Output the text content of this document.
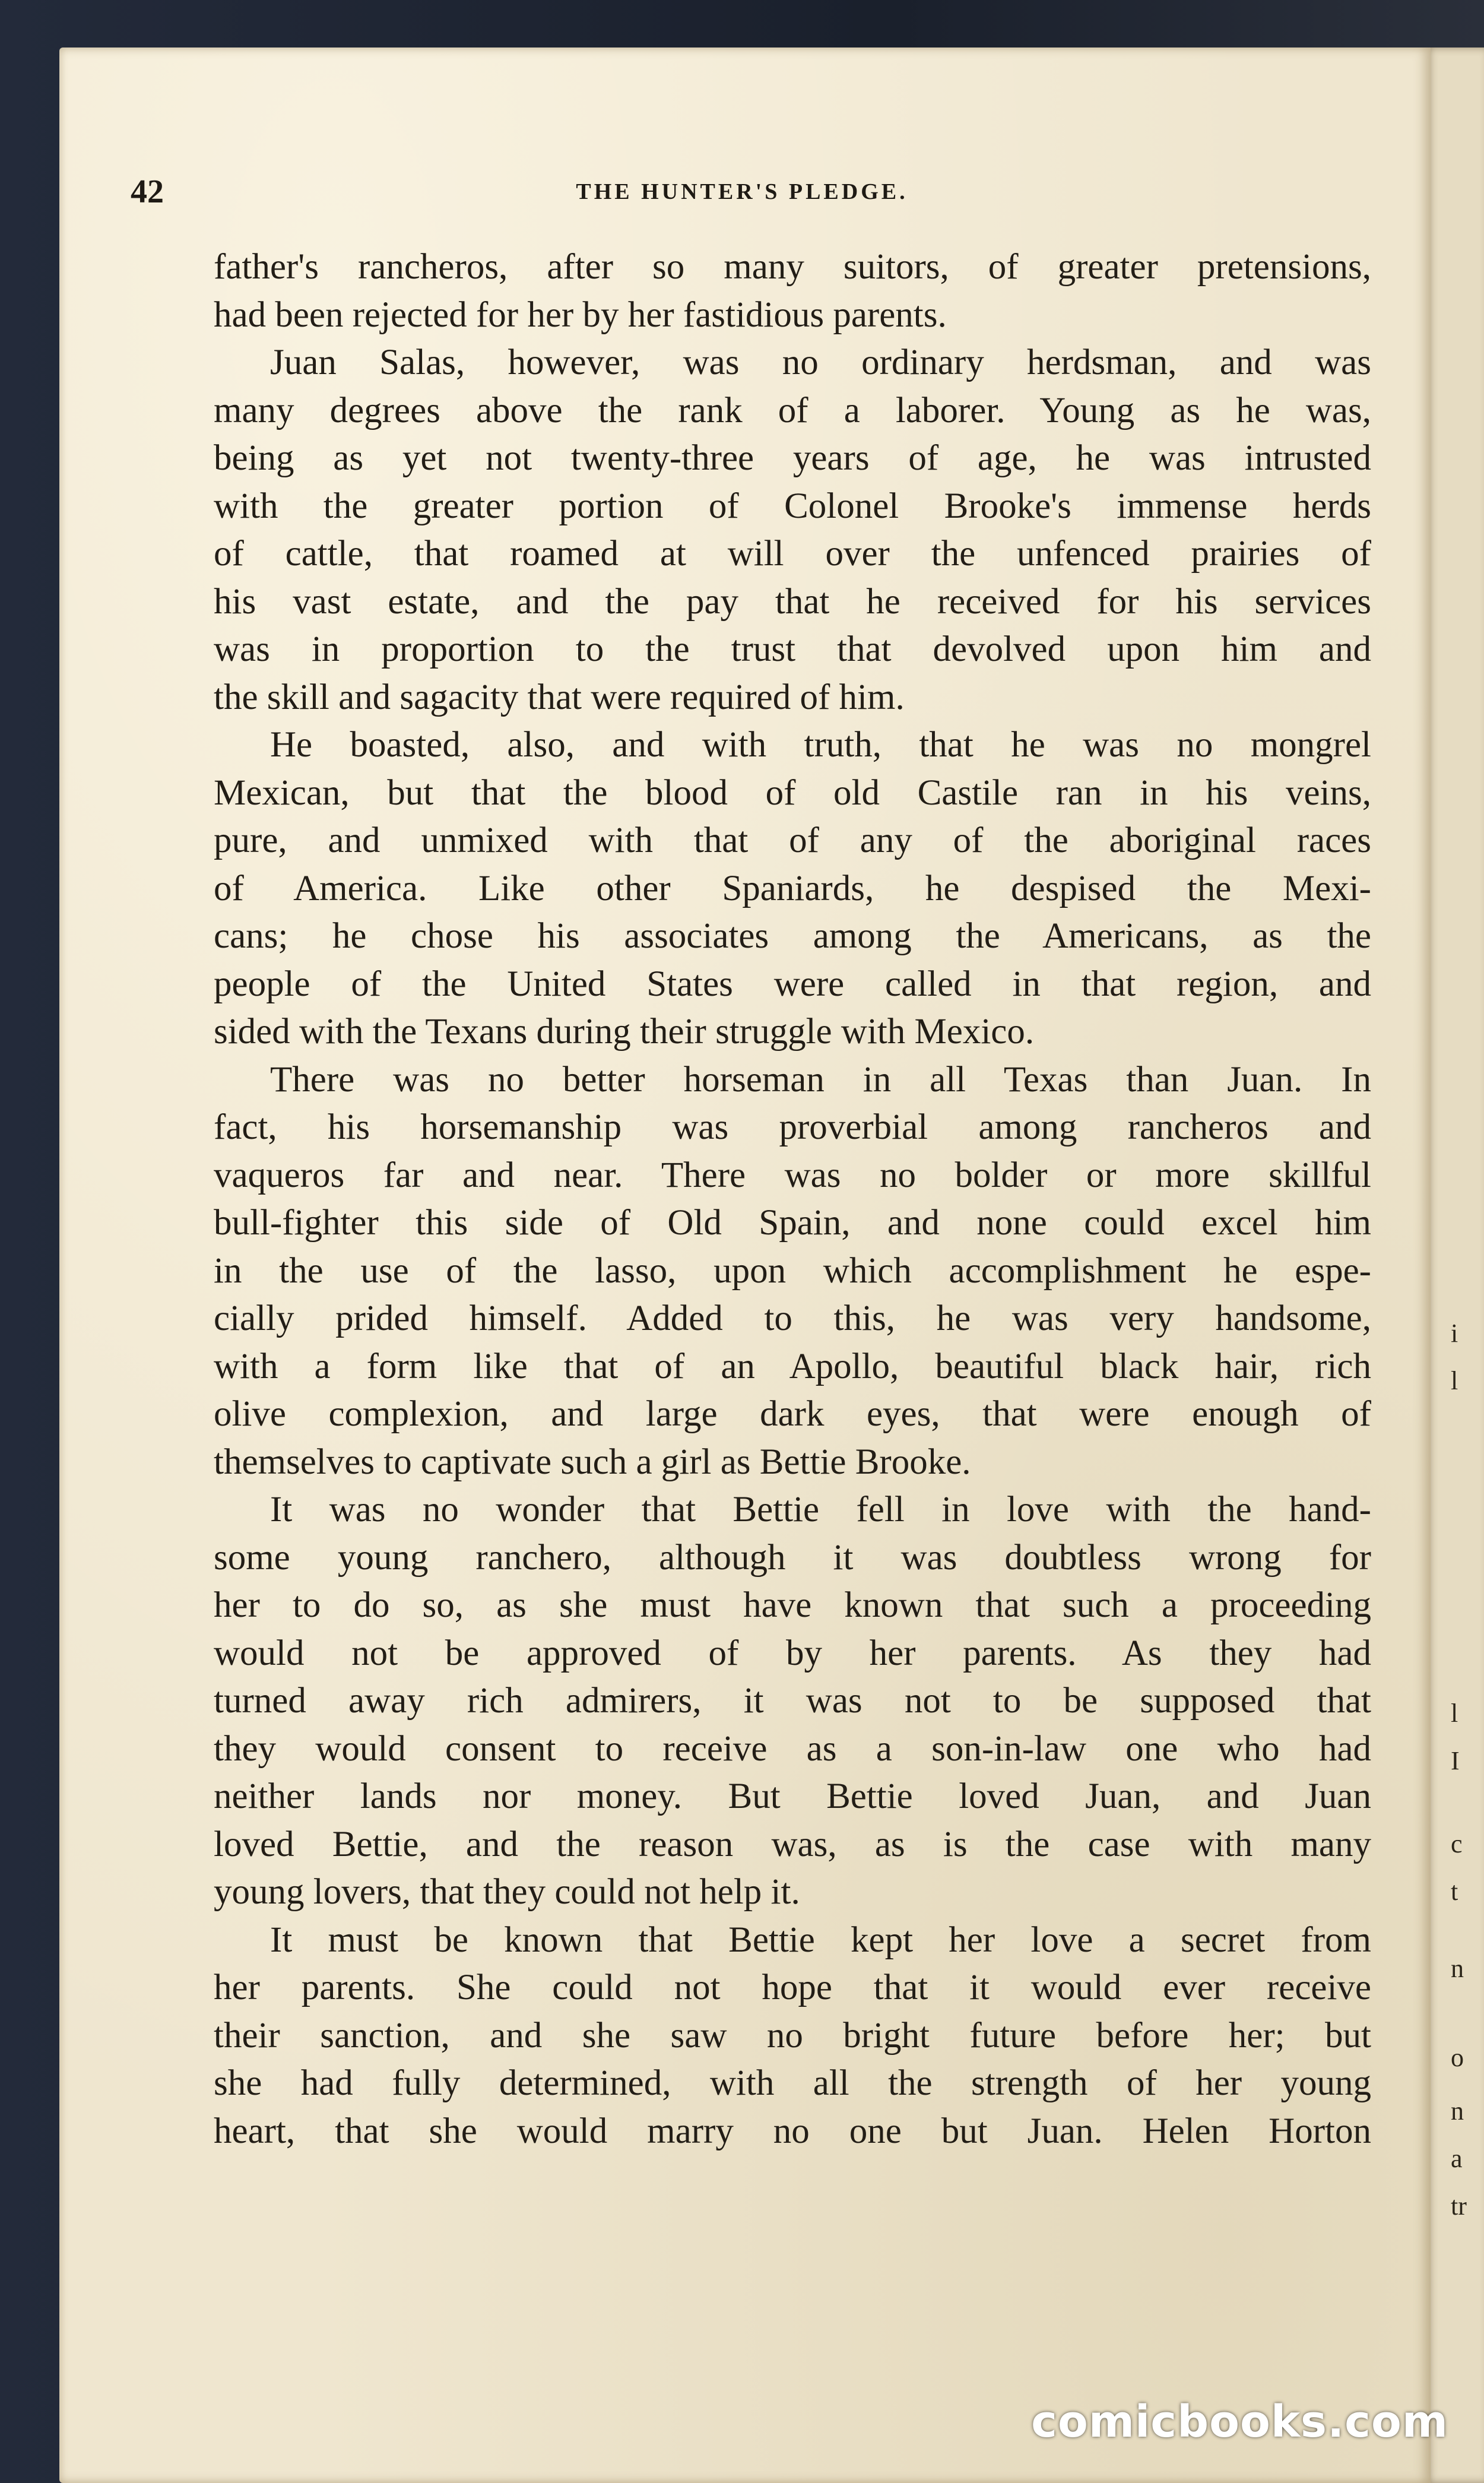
i
l
l
I
c
t
n
o
n
a
tr
42	THE HUNTER'S PLEDGE.
father's rancheros, after so many suitors, of greater pretensions,
had been rejected for her by her fastidious parents.
Juan Salas, however, was no ordinary herdsman, and was
many degrees above the rank of a laborer. Young as he was,
being as yet not twenty-three years of age, he was intrusted
with the greater portion of Colonel Brooke's immense herds
of cattle, that roamed at will over the unfenced prairies of
his vast estate, and the pay that he received for his services
was in proportion to the trust that devolved upon him and
the skill and sagacity that were required of him.
He boasted, also, and with truth, that he was no mongrel
Mexican, but that the blood of old Castile ran in his veins,
pure, and unmixed with that of any of the aboriginal races
of America. Like other Spaniards, he despised the Mexi-
cans; he chose his associates among the Americans, as the
people of the United States were called in that region, and
sided with the Texans during their struggle with Mexico.
There was no better horseman in all Texas than Juan. In
fact, his horsemanship was proverbial among rancheros and
vaqueros far and near. There was no bolder or more skillful
bull-fighter this side of Old Spain, and none could excel him
in the use of the lasso, upon which accomplishment he espe-
cially prided himself. Added to this, he was very handsome,
with a form like that of an Apollo, beautiful black hair, rich
olive complexion, and large dark eyes, that were enough of
themselves to captivate such a girl as Bettie Brooke.
It was no wonder that Bettie fell in love with the hand-
some young ranchero, although it was doubtless wrong for
her to do so, as she must have known that such a proceeding
would not be approved of by her parents. As they had
turned away rich admirers, it was not to be supposed that
they would consent to receive as a son-in-law one who had
neither lands nor money. But Bettie loved Juan, and Juan
loved Bettie, and the reason was, as is the case with many
young lovers, that they could not help it.
It must be known that Bettie kept her love a secret from
her parents. She could not hope that it would ever receive
their sanction, and she saw no bright future before her; but
she had fully determined, with all the strength of her young
heart, that she would marry no one but Juan. Helen Horton
comicbooks.com
